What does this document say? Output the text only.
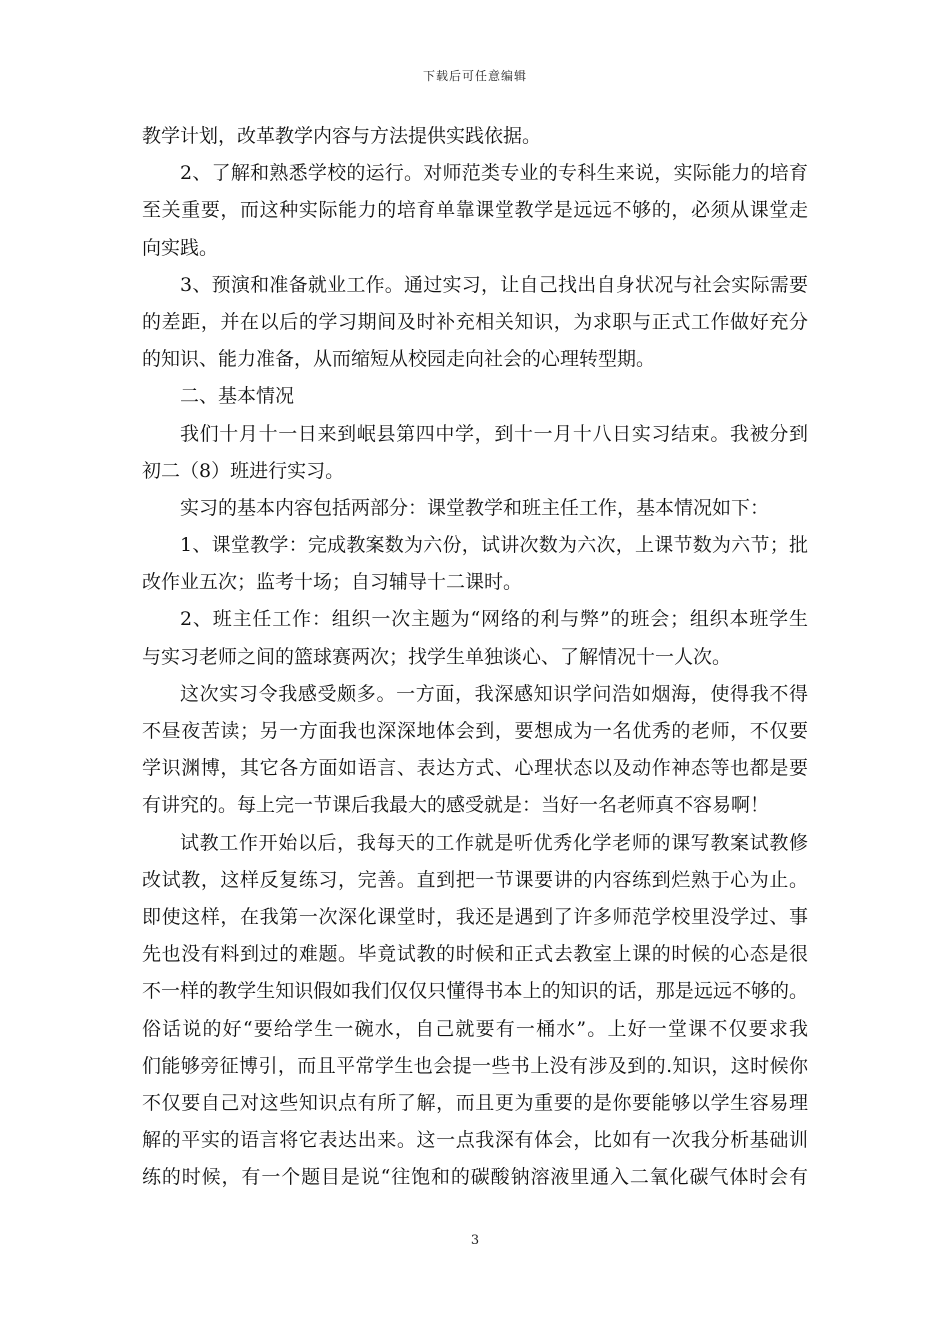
下载后可任意编辑
教学计划，改革教学内容与方法提供实践依据。
2、了解和熟悉学校的运行。对师范类专业的专科生来说，实际能力的培育
至关重要，而这种实际能力的培育单靠课堂教学是远远不够的，必须从课堂走
向实践。
3、预演和准备就业工作。通过实习，让自己找出自身状况与社会实际需要
的差距，并在以后的学习期间及时补充相关知识，为求职与正式工作做好充分
的知识、能力准备，从而缩短从校园走向社会的心理转型期。
二、基本情况
我们十月十一日来到岷县第四中学，到十一月十八日实习结束。我被分到
初二（8）班进行实习。
实习的基本内容包括两部分：课堂教学和班主任工作，基本情况如下：
1、课堂教学：完成教案数为六份，试讲次数为六次，上课节数为六节；批
改作业五次；监考十场；自习辅导十二课时。
2、班主任工作：组织一次主题为“网络的利与弊”的班会；组织本班学生
与实习老师之间的篮球赛两次；找学生单独谈心、了解情况十一人次。
这次实习令我感受颇多。一方面，我深感知识学问浩如烟海，使得我不得
不昼夜苦读；另一方面我也深深地体会到，要想成为一名优秀的老师，不仅要
学识渊博，其它各方面如语言、表达方式、心理状态以及动作神态等也都是要
有讲究的。每上完一节课后我最大的感受就是：当好一名老师真不容易啊！
试教工作开始以后，我每天的工作就是听优秀化学老师的课写教案试教修
改试教，这样反复练习，完善。直到把一节课要讲的内容练到烂熟于心为止。
即使这样，在我第一次深化课堂时，我还是遇到了许多师范学校里没学过、事
先也没有料到过的难题。毕竟试教的时候和正式去教室上课的时候的心态是很
不一样的教学生知识假如我们仅仅只懂得书本上的知识的话，那是远远不够的。
俗话说的好“要给学生一碗水，自己就要有一桶水”。上好一堂课不仅要求我
们能够旁征博引，而且平常学生也会提一些书上没有涉及到的.知识，这时候你
不仅要自己对这些知识点有所了解，而且更为重要的是你要能够以学生容易理
解的平实的语言将它表达出来。这一点我深有体会，比如有一次我分析基础训
练的时候，有一个题目是说“往饱和的碳酸钠溶液里通入二氧化碳气体时会有
3
